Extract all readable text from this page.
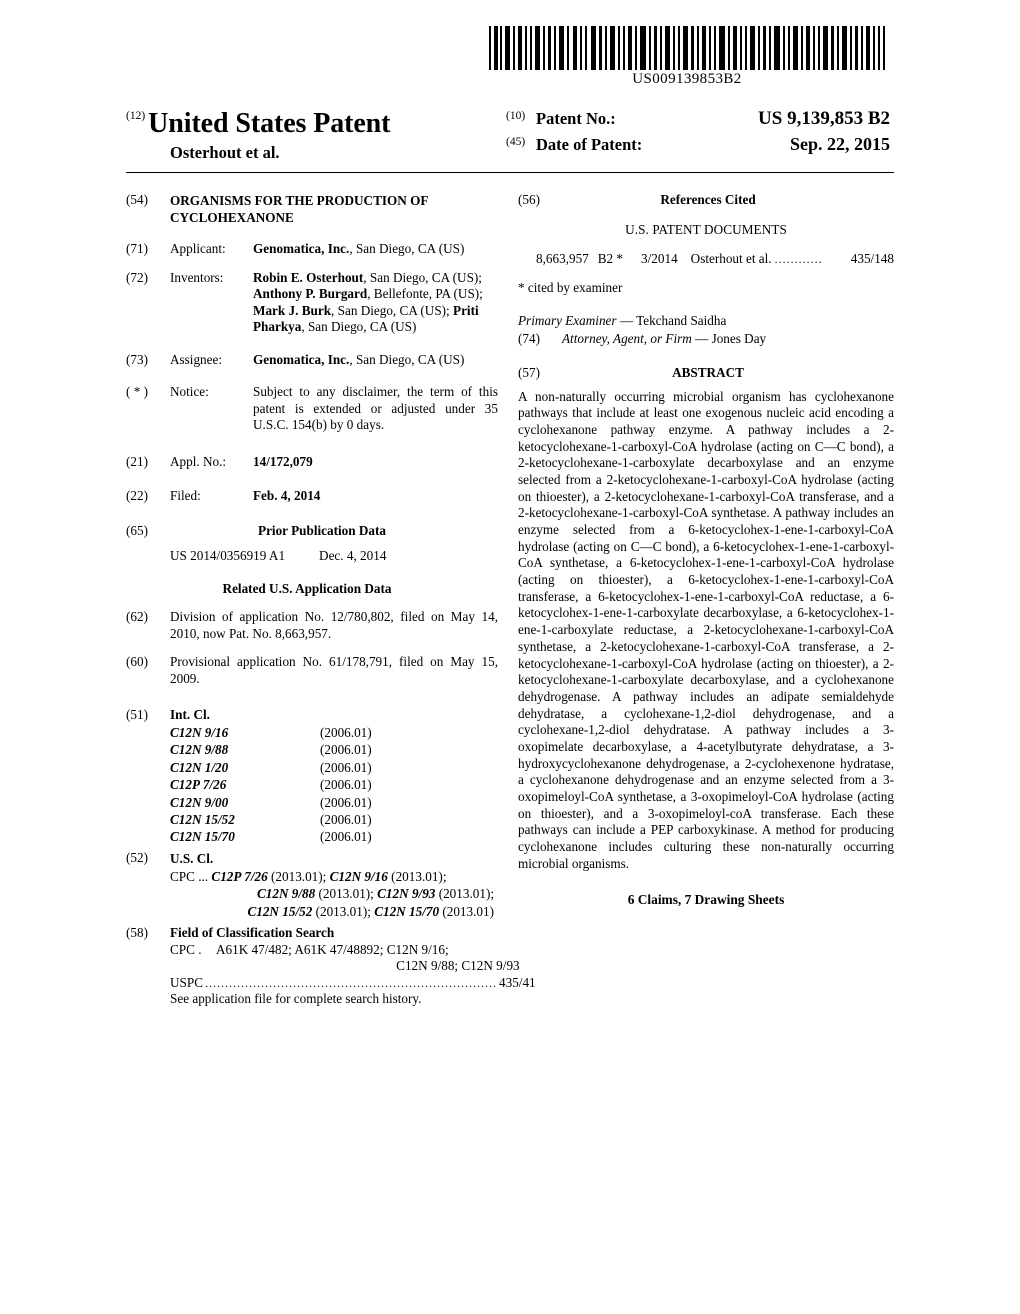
US009139853B2
$^{(12)}$ United States Patent
Osterhout et al.
(10) Patent No.:	US 9,139,853 B2
(45) Date of Patent:	Sep. 22, 2015
(54)	ORGANISMS FOR THE PRODUCTION OF CYCLOHEXANONE
(71)	Applicant:	Genomatica, Inc., San Diego, CA (US)
(72)	Inventors:	Robin E. Osterhout, San Diego, CA (US); Anthony P. Burgard, Bellefonte, PA (US); Mark J. Burk, San Diego, CA (US); Priti Pharkya, San Diego, CA (US)
(73)	Assignee:	Genomatica, Inc., San Diego, CA (US)
( * )	Notice:	Subject to any disclaimer, the term of this patent is extended or adjusted under 35 U.S.C. 154(b) by 0 days.
(21)	Appl. No.:	14/172,079
(22)	Filed:	Feb. 4, 2014
(65)	Prior Publication Data
US 2014/0356919 A1	Dec. 4, 2014
Related U.S. Application Data
(62)	Division of application No. 12/780,802, filed on May 14, 2010, now Pat. No. 8,663,957.
(60)	Provisional application No. 61/178,791, filed on May 15, 2009.
(51)	Int. Cl.
C12N 9/16	(2006.01)
C12N 9/88	(2006.01)
C12N 1/20	(2006.01)
C12P 7/26	(2006.01)
C12N 9/00	(2006.01)
C12N 15/52	(2006.01)
C12N 15/70	(2006.01)
(52)	U.S. Cl.
CPC ... C12P 7/26 (2013.01); C12N 9/16 (2013.01);
C12N 9/88 (2013.01); C12N 9/93 (2013.01);
C12N 15/52 (2013.01); C12N 15/70 (2013.01)
(58)	Field of Classification Search
CPC .	A61K 47/482; A61K 47/48892; C12N 9/16;
C12N 9/88; C12N 9/93
USPC ......................................................................... 435/41
See application file for complete search history.
(56)	References Cited
U.S. PATENT DOCUMENTS
8,663,957 B2 *	3/2014 Osterhout et al. ............	435/148
* cited by examiner
Primary Examiner — Tekchand Saidha
(74)	Attorney, Agent, or Firm — Jones Day
(57)	ABSTRACT
A non-naturally occurring microbial organism has cyclohexanone pathways that include at least one exogenous nucleic acid encoding a cyclohexanone pathway enzyme. A pathway includes a 2-ketocyclohexane-1-carboxyl-CoA hydrolase (acting on C—C bond), a 2-ketocyclohexane-1-carboxylate decarboxylase and an enzyme selected from a 2-ketocyclohexane-1-carboxyl-CoA hydrolase (acting on thioester), a 2-ketocyclohexane-1-carboxyl-CoA transferase, and a 2-ketocyclohexane-1-carboxyl-CoA synthetase. A pathway includes an enzyme selected from a 6-ketocyclohex-1-ene-1-carboxyl-CoA hydrolase (acting on C—C bond), a 6-ketocyclohex-1-ene-1-carboxyl-CoA synthetase, a 6-ketocyclohex-1-ene-1-carboxyl-CoA hydrolase (acting on thioester), a 6-ketocyclohex-1-ene-1-carboxyl-CoA transferase, a 6-ketocyclohex-1-ene-1-carboxyl-CoA reductase, a 6-ketocyclohex-1-ene-1-carboxylate decarboxylase, a 6-ketocyclohex-1-ene-1-carboxylate reductase, a 2-ketocyclohexane-1-carboxyl-CoA synthetase, a 2-ketocyclohexane-1-carboxyl-CoA transferase, a 2-ketocyclohexane-1-carboxyl-CoA hydrolase (acting on thioester), a 2-ketocyclohexane-1-carboxylate decarboxylase, and a cyclohexanone dehydrogenase. A pathway includes an adipate semialdehyde dehydratase, a cyclohexane-1,2-diol dehydrogenase, and a cyclohexane-1,2-diol dehydratase. A pathway includes a 3-oxopimelate decarboxylase, a 4-acetylbutyrate dehydratase, a 3-hydroxycyclohexanone dehydrogenase, a 2-cyclohexenone hydratase, a cyclohexanone dehydrogenase and an enzyme selected from a 3-oxopimeloyl-CoA synthetase, a 3-oxopimeloyl-CoA hydrolase (acting on thioester), and a 3-oxopimeloyl-coA transferase. Each these pathways can include a PEP carboxykinase. A method for producing cyclohexanone includes culturing these non-naturally occurring microbial organisms.
6 Claims, 7 Drawing Sheets
